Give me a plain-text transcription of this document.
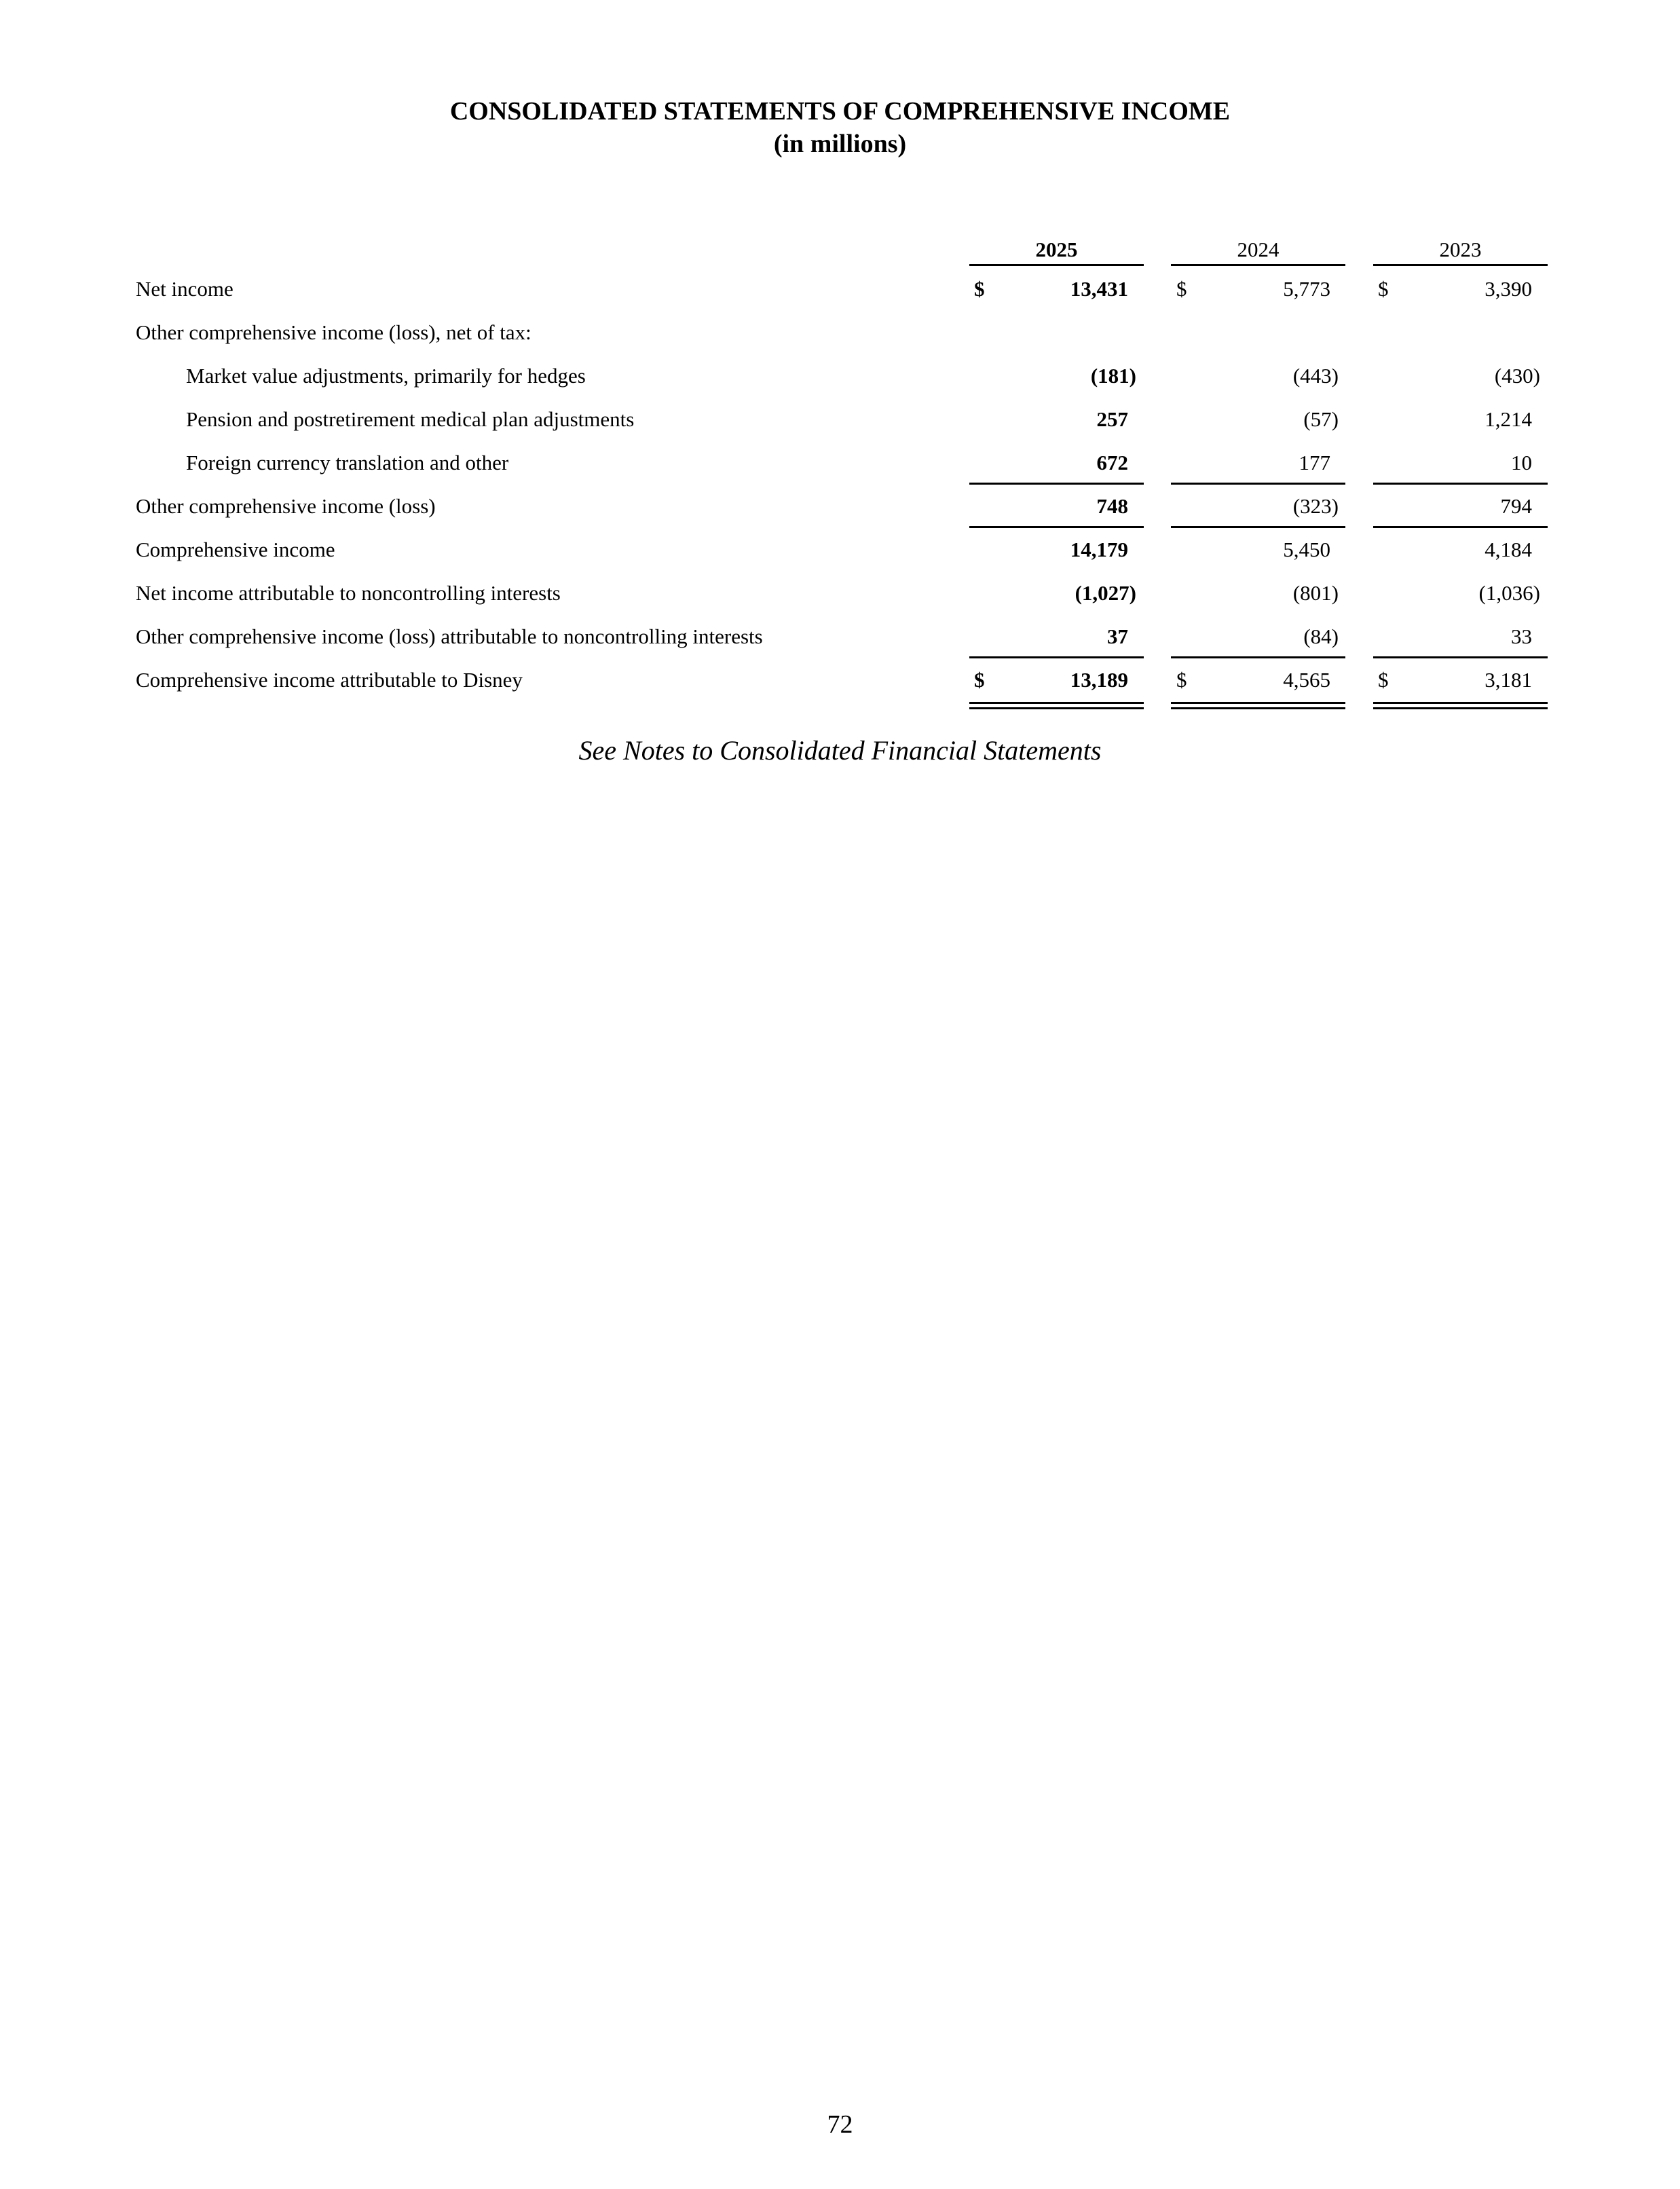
CONSOLIDATED STATEMENTS OF COMPREHENSIVE INCOME
(in millions)
2025	2024	2023
Net income	$	13,431 $	5,773 $	3,390
Other comprehensive income (loss), net of tax:
Market value adjustments, primarily for hedges	(181)	(443)	(430)
Pension and postretirement medical plan adjustments	257	(57)	1,214
Foreign currency translation and other	672	177	10
Other comprehensive income (loss)	748	(323)	794
Comprehensive income	14,179	5,450	4,184
Net income attributable to noncontrolling interests	(1,027)	(801)	(1,036)
Other comprehensive income (loss) attributable to noncontrolling interests	37	(84)	33
Comprehensive income attributable to Disney	$	13,189 $	4,565 $	3,181
See Notes to Consolidated Financial Statements
72
